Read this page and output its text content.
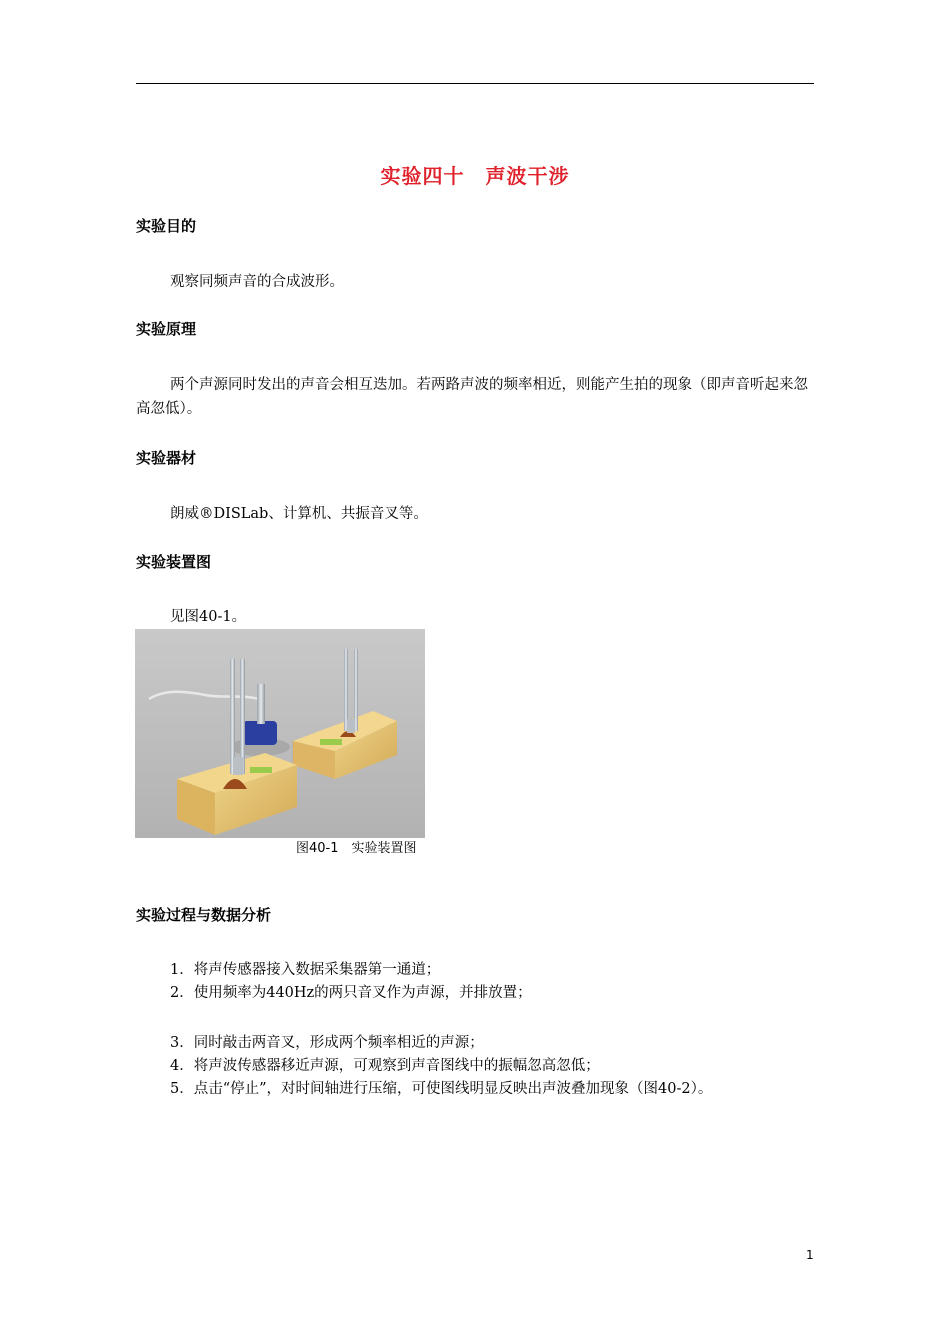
实验四十　声波干涉
实验目的
观察同频声音的合成波形。
实验原理
两个声源同时发出的声音会相互迭加。若两路声波的频率相近，则能产生拍的现象（即声音听起来忽高忽低）。
实验器材
朗威®DISLab、计算机、共振音叉等。
实验装置图
见图40-1。
图40-1　实验装置图
实验过程与数据分析
1．将声传感器接入数据采集器第一通道；
2．使用频率为440Hz的两只音叉作为声源，并排放置；
3．同时敲击两音叉，形成两个频率相近的声源；
4．将声波传感器移近声源，可观察到声音图线中的振幅忽高忽低；
5．点击“停止”，对时间轴进行压缩，可使图线明显反映出声波叠加现象（图40-2）。
1
